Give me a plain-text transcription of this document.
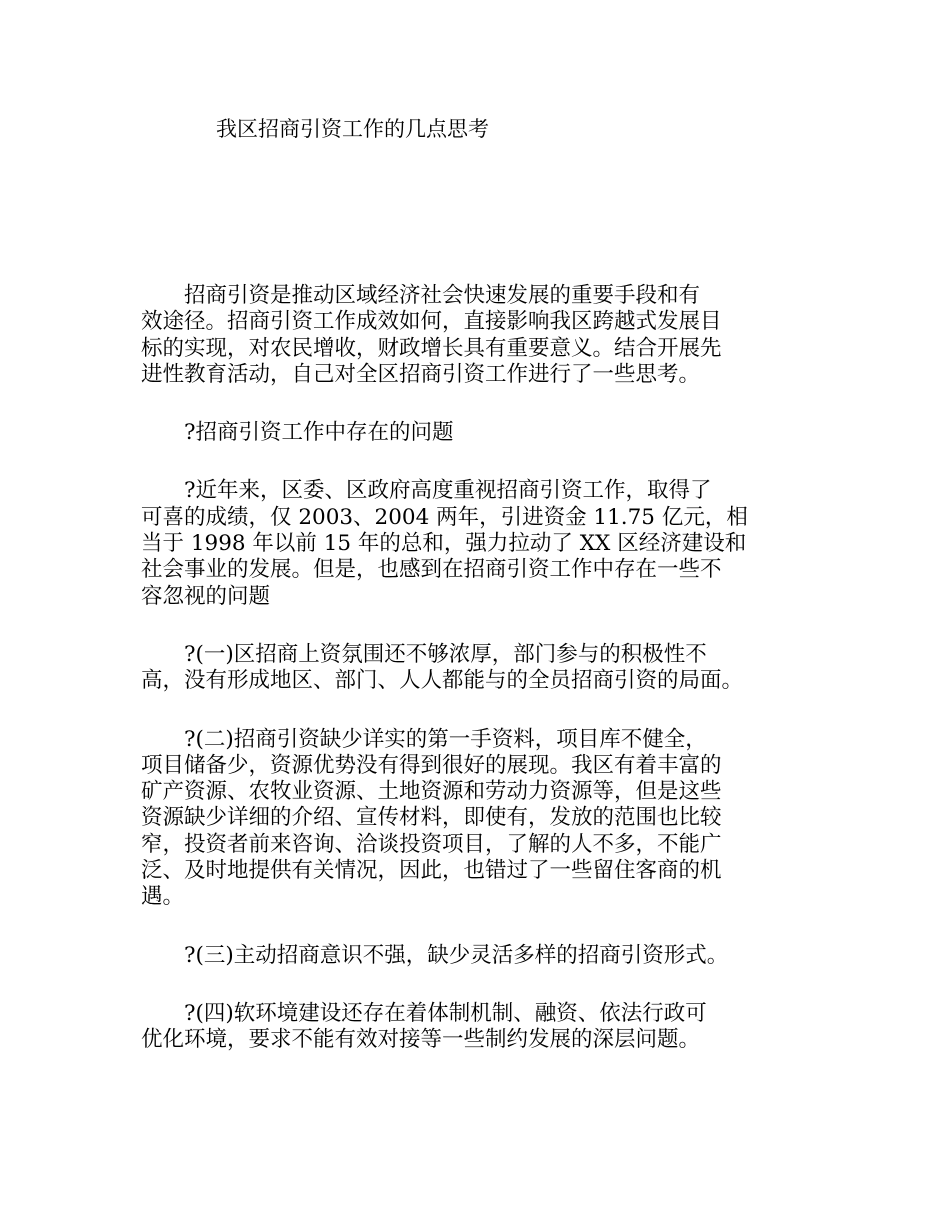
我区招商引资工作的几点思考
　　招商引资是推动区域经济社会快速发展的重要手段和有
效途径。招商引资工作成效如何，直接影响我区跨越式发展目
标的实现，对农民增收，财政增长具有重要意义。结合开展先
进性教育活动，自己对全区招商引资工作进行了一些思考。
　　?招商引资工作中存在的问题
　　?近年来，区委、区政府高度重视招商引资工作，取得了
可喜的成绩，仅 2003、2004 两年，引进资金 11.75 亿元，相
当于 1998 年以前 15 年的总和，强力拉动了 XX 区经济建设和
社会事业的发展。但是，也感到在招商引资工作中存在一些不
容忽视的问题
　　?(一)区招商上资氛围还不够浓厚，部门参与的积极性不
高，没有形成地区、部门、人人都能与的全员招商引资的局面。
　　?(二)招商引资缺少详实的第一手资料，项目库不健全，
项目储备少，资源优势没有得到很好的展现。我区有着丰富的
矿产资源、农牧业资源、土地资源和劳动力资源等，但是这些
资源缺少详细的介绍、宣传材料，即使有，发放的范围也比较
窄，投资者前来咨询、洽谈投资项目，了解的人不多，不能广
泛、及时地提供有关情况，因此，也错过了一些留住客商的机
遇。
　　?(三)主动招商意识不强，缺少灵活多样的招商引资形式。
　　?(四)软环境建设还存在着体制机制、融资、依法行政可
优化环境，要求不能有效对接等一些制约发展的深层问题。
